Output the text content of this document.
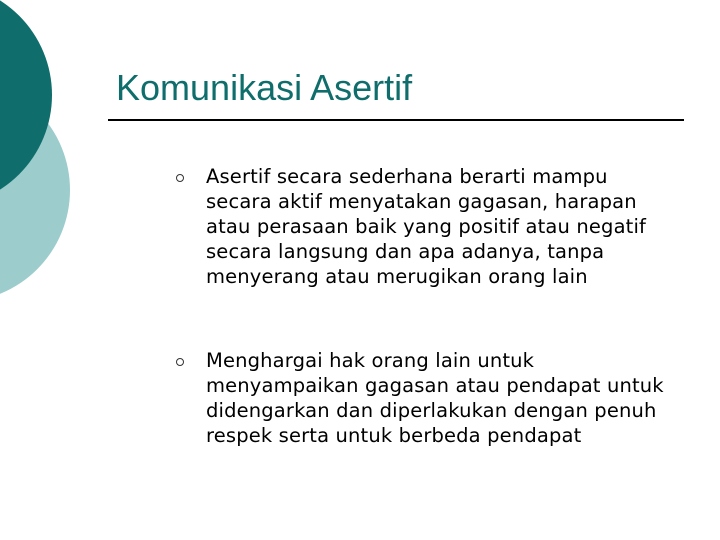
Komunikasi Asertif
Asertif secara sederhana berarti mampu secara aktif menyatakan gagasan, harapan atau perasaan baik yang positif atau negatif secara langsung dan apa adanya, tanpa menyerang atau merugikan orang lain
Menghargai hak orang lain untuk menyampaikan gagasan atau pendapat untuk didengarkan dan diperlakukan dengan penuh respek serta untuk berbeda pendapat
